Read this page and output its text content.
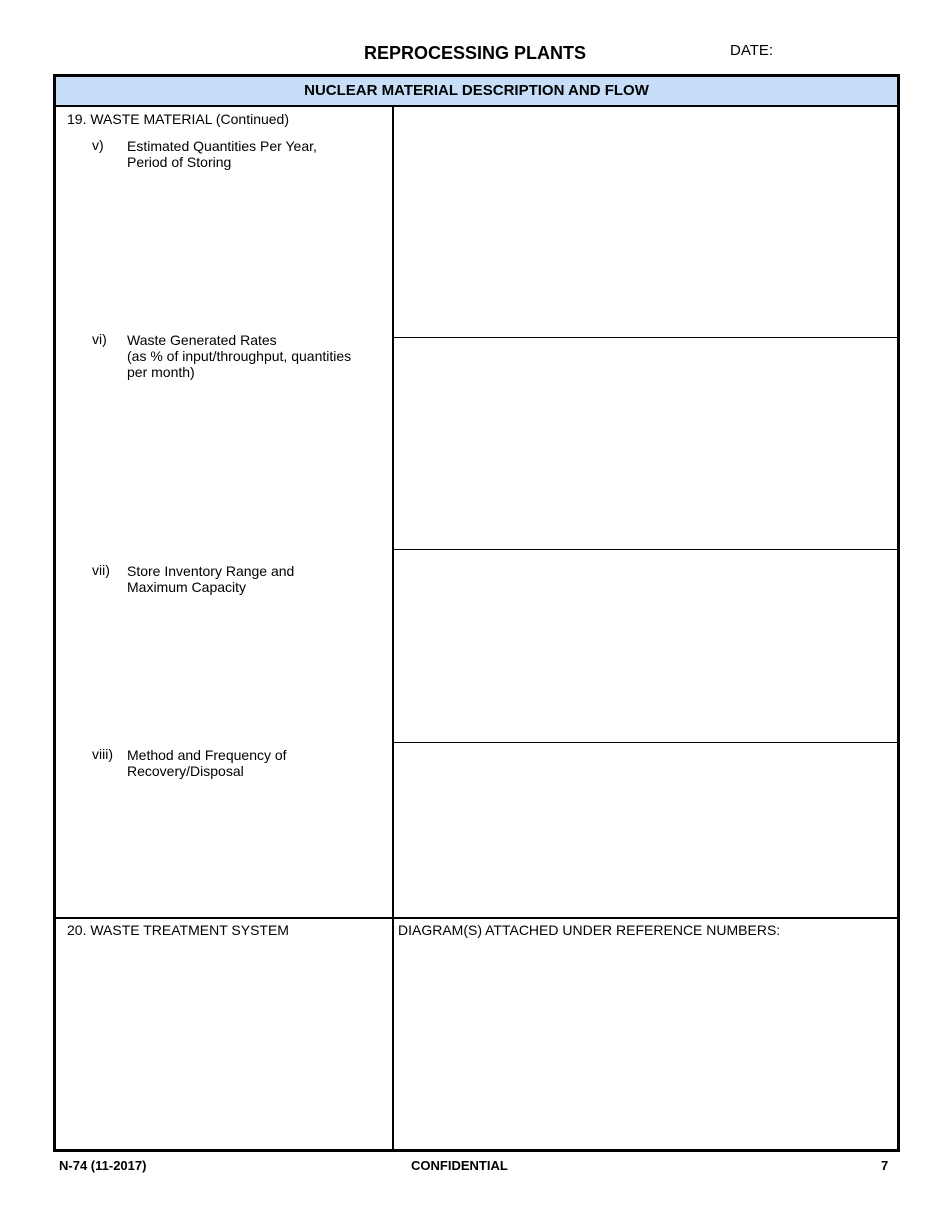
REPROCESSING PLANTS	DATE:
NUCLEAR MATERIAL DESCRIPTION AND FLOW
19. WASTE MATERIAL (Continued)
v) Estimated Quantities Per Year,
Period of Storing
vi) Waste Generated Rates
(as % of input/throughput, quantities
per month)
vii) Store Inventory Range and
Maximum Capacity
viii) Method and Frequency of
Recovery/Disposal
20. WASTE TREATMENT SYSTEM	DIAGRAM(S) ATTACHED UNDER REFERENCE NUMBERS:
N-74 (11-2017)	CONFIDENTIAL	7
